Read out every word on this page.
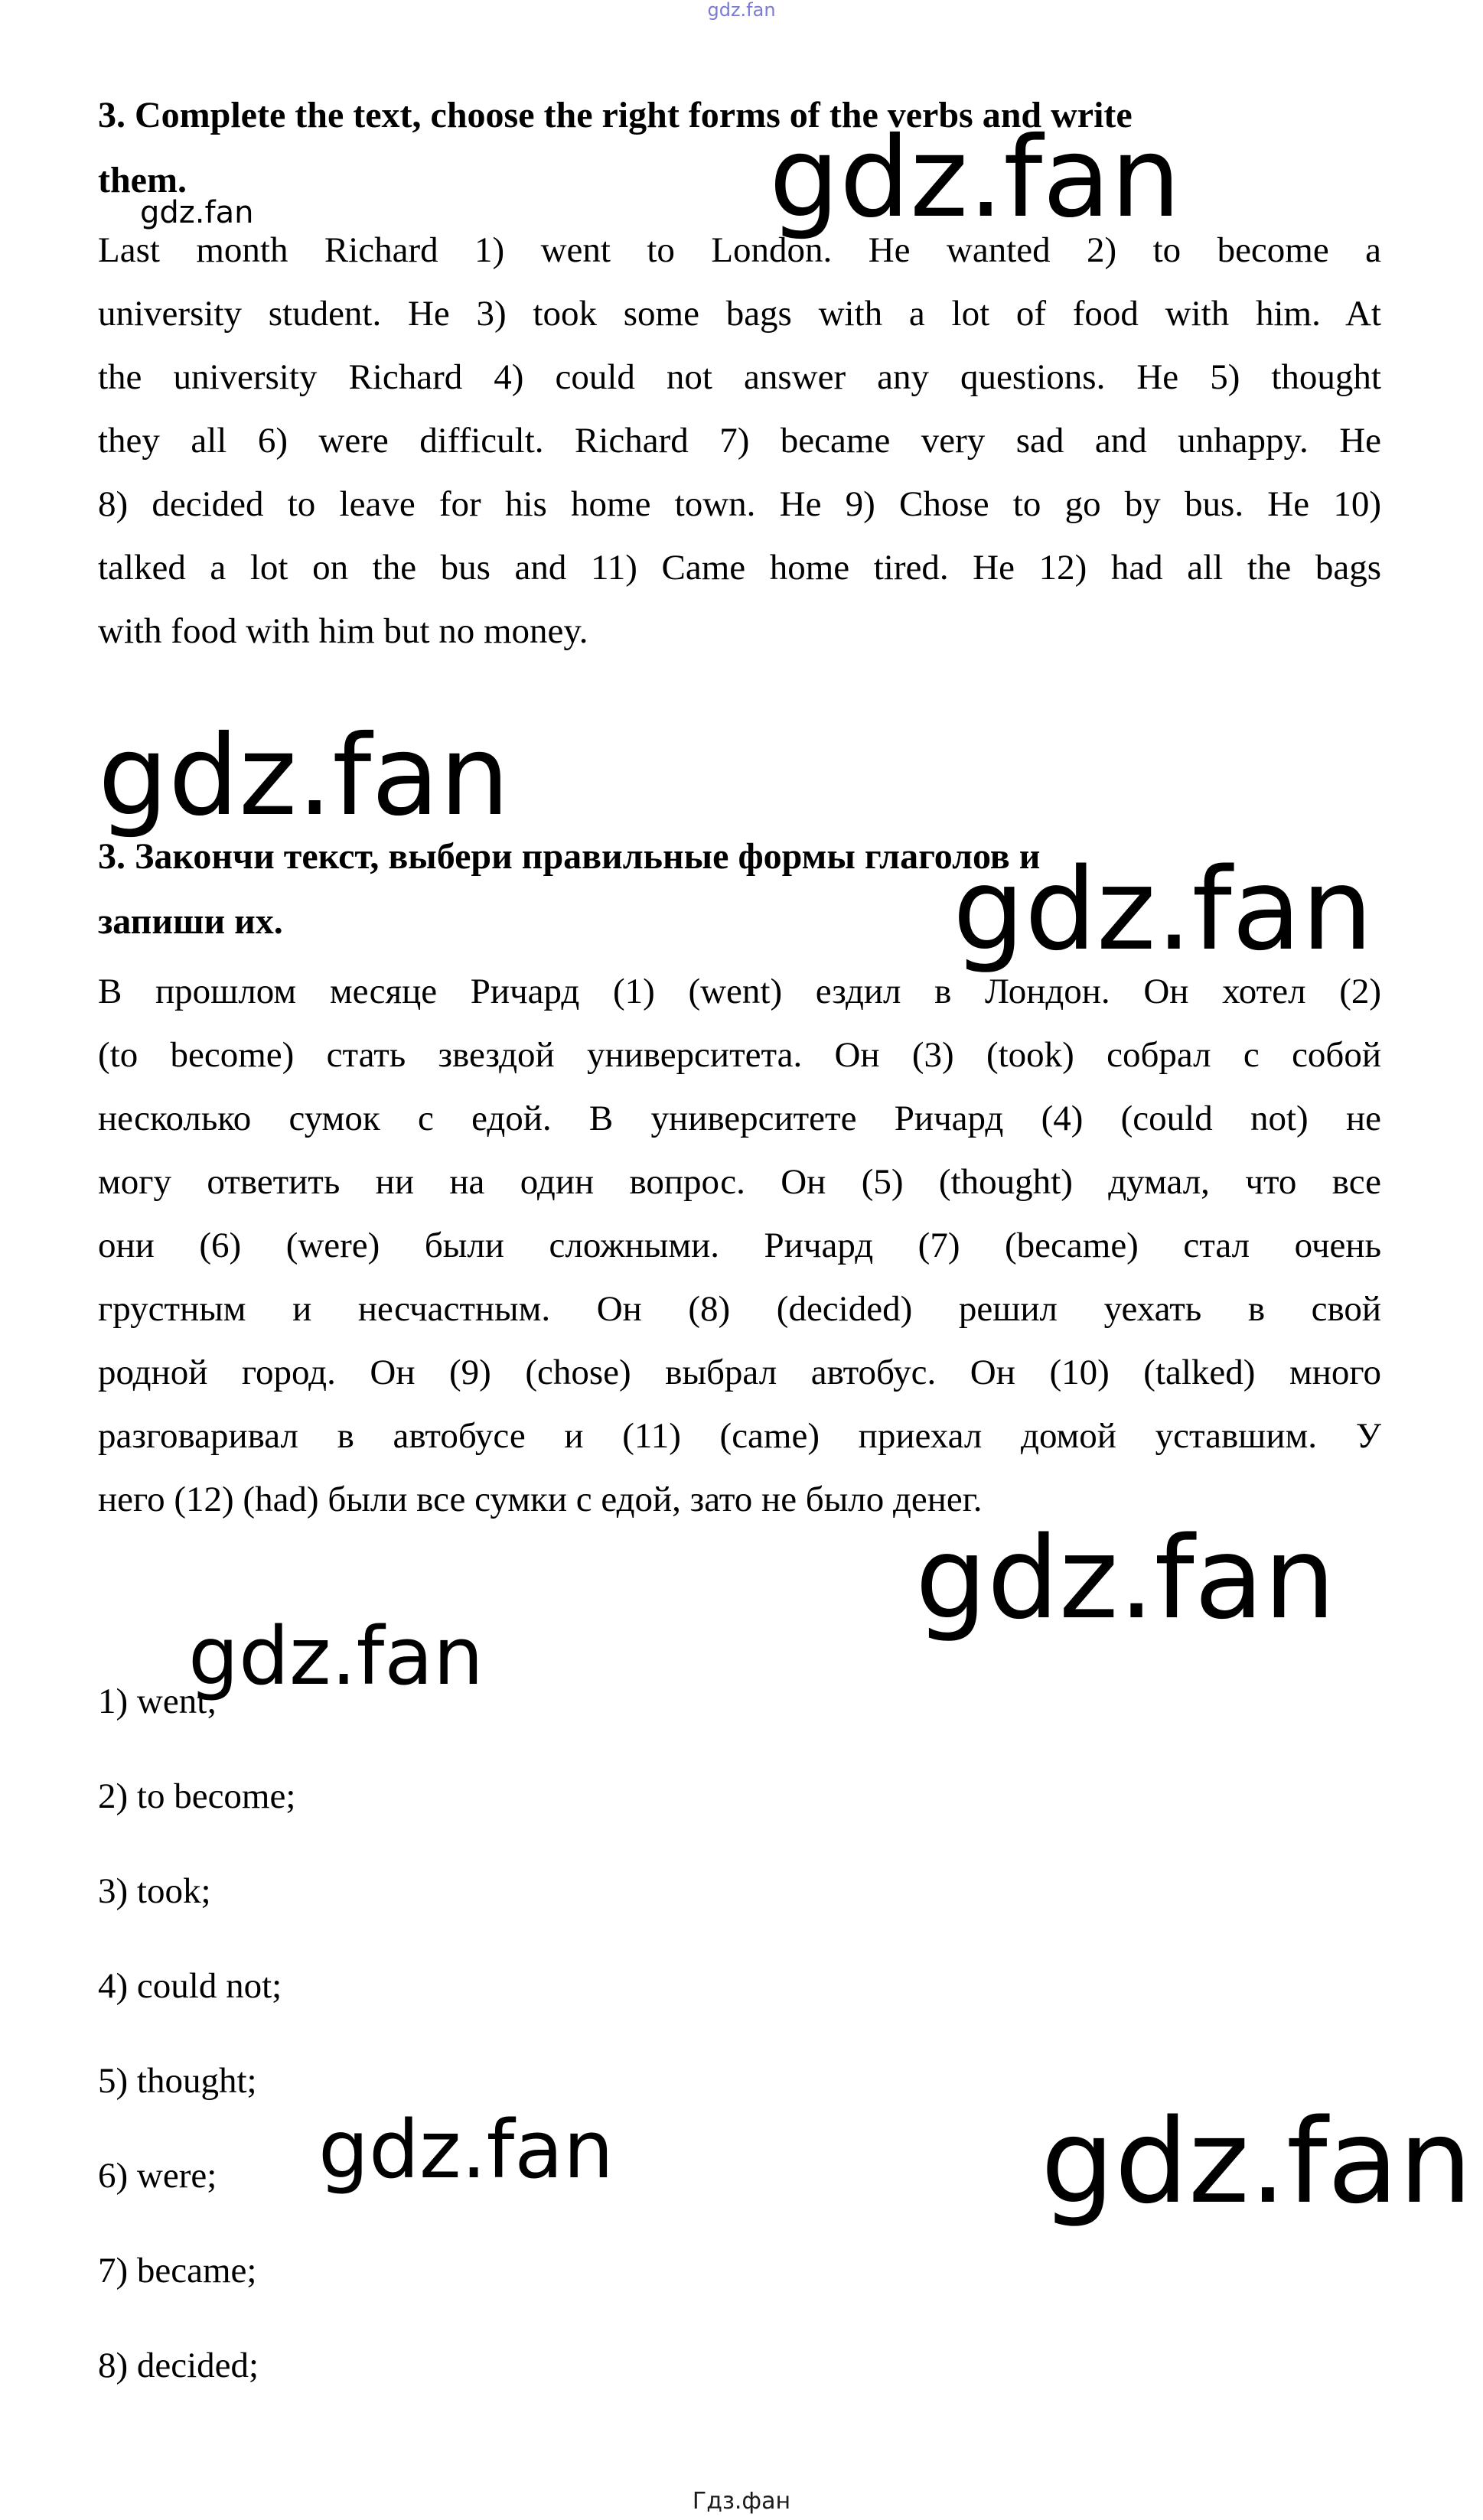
gdz.fan
3. Complete the text, choose the right forms of the verbs and write
them.	gdz.fan
gdz.fan
Last month Richard 1) went to London. He wanted 2) to become a
university student. He 3) took some bags with a lot of food with him. At
the university Richard 4) could not answer any questions. He 5) thought
they all 6) were difficult. Richard 7) became very sad and unhappy. He
8) decided to leave for his home town. He 9) Chose to go by bus. He 10)
talked a lot on the bus and 11) Came home tired. He 12) had all the bags
with food with him but no money.
gdz.fan
3. Закончи текст, выбери правильные формы глаголов и
запиши их.	gdz.fan
В прошлом месяце Ричард (1) (went) ездил в Лондон. Он хотел (2)
(to become) стать звездой университета. Он (3) (took) собрал с собой
несколько сумок с едой. В университете Ричард (4) (could not) не
могу ответить ни на один вопрос. Он (5) (thought) думал, что все
они (6) (were) были сложными. Ричард (7) (became) стал очень
грустным и несчастным. Он (8) (decided) решил уехать в свой
родной город. Он (9) (chose) выбрал автобус. Он (10) (talked) много
разговаривал в автобусе и (11) (came) приехал домой уставшим. У
него (12) (had) были все сумки с едой, зато не было денег.
gdz.fan
gdz.fan
1) went;
2) to become;
3) took;
4) could not;
5) thought;
6) were;
7) became;
8) decided;
gdz.fan	gdz.fan
Гдз.фан
